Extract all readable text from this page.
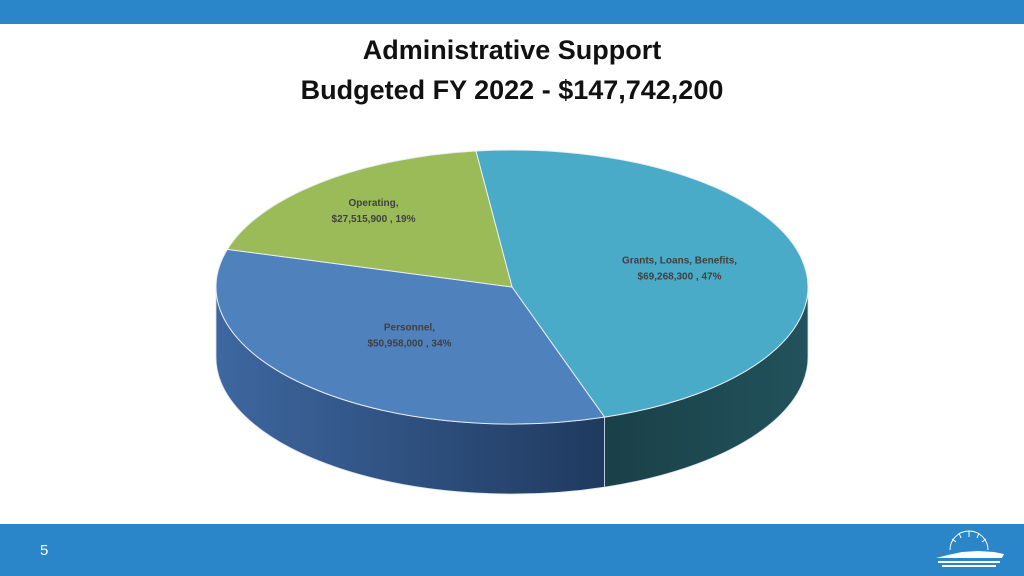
Administrative Support
Budgeted FY 2022 - $147,742,200
Grants, Loans, Benefits, $69,268,300 , 47%
Personnel, $50,958,000 , 34%
Operating, $27,515,900 , 19%
5
